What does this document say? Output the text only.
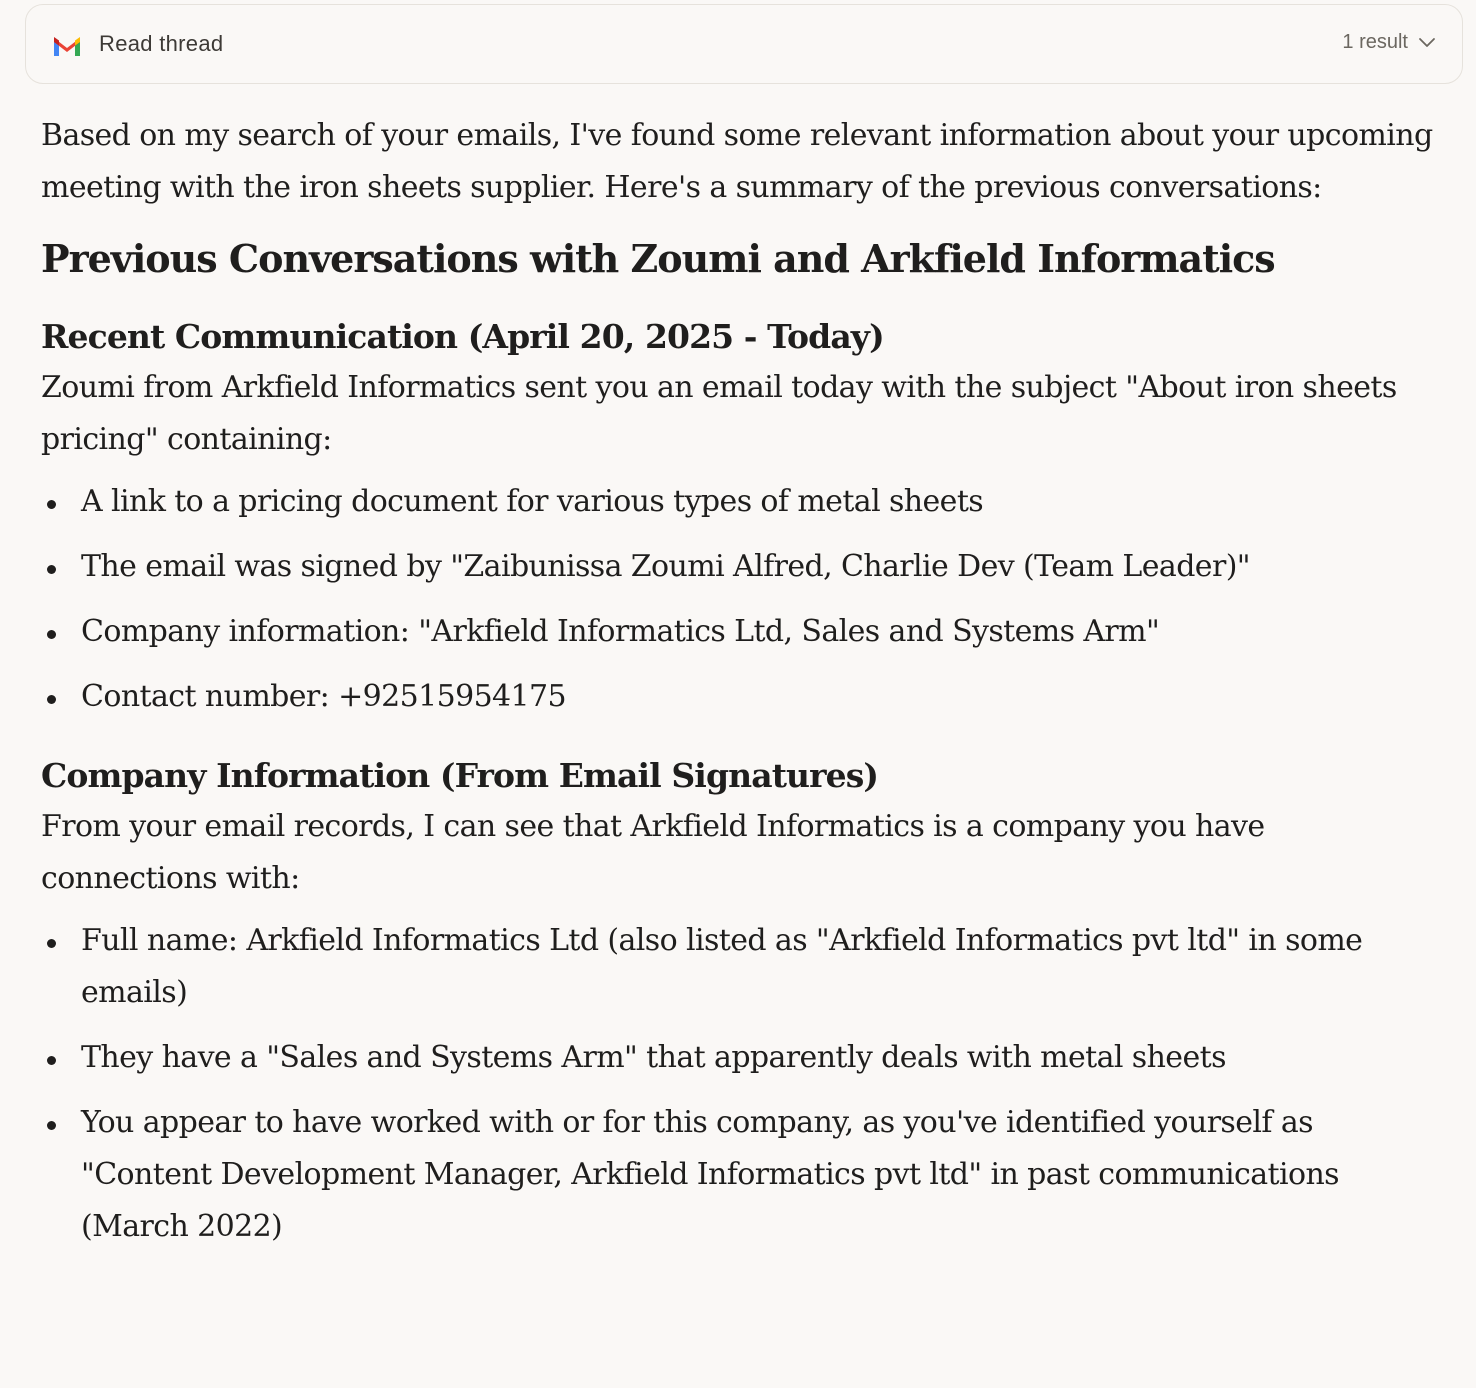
Read thread	1 result

Based on my search of your emails, I've found some relevant information about your upcoming meeting with the iron sheets supplier. Here's a summary of the previous conversations:

Previous Conversations with Zoumi and Arkfield Informatics
Recent Communication (April 20, 2025 - Today)

Zoumi from Arkfield Informatics sent you an email today with the subject "About iron sheets pricing" containing:

A link to a pricing document for various types of metal sheets
The email was signed by "Zaibunissa Zoumi Alfred, Charlie Dev (Team Leader)"
Company information: "Arkfield Informatics Ltd, Sales and Systems Arm"
Contact number: +92515954175
Company Information (From Email Signatures)

From your email records, I can see that Arkfield Informatics is a company you have connections with:

Full name: Arkfield Informatics Ltd (also listed as "Arkfield Informatics pvt ltd" in some emails)
They have a "Sales and Systems Arm" that apparently deals with metal sheets
You appear to have worked with or for this company, as you've identified yourself as "Content Development Manager, Arkfield Informatics pvt ltd" in past communications (March 2022)
